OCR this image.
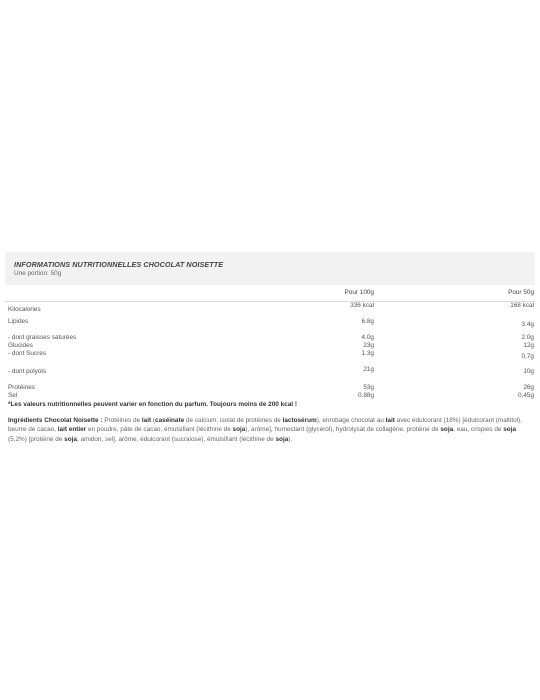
INFORMATIONS NUTRITIONNELLES CHOCOLAT NOISETTE
Une portion: 50g
	Pour 100g	Pour 50g
Kilocalories	336 kcal	168 kcal

Lipides	6.8g	3.4g

- dont graisses saturées	4.0g	2.0g
Glucides	23g	12g
- dont Sucres	1.3g	0,7g

- dont polyols	21g	10g

Protéines	53g	26g
Sel	0.88g	0,45g
*Les valeurs nutritionnelles peuvent varier en fonction du parfum. Toujours moins de 200 kcal !
Ingrédients Chocolat Noisette : Protéines de lait (caséinate de calcium, isolat de protéines de lactosérum), enrobage chocolat au lait avec édulcorant (18%) [édulcorant (maltitol), beurre de cacao, lait entier en poudre, pâte de cacao, émulsifiant (lécithine de soja), arôme], humectant (glycérol), hydrolysat de collagène, protéine de soja, eau, crispies de soja (5,2%) [protéine de soja, amidon, sel], arôme, édulcorant (sucralose), émulsifiant (lécithine de soja).
